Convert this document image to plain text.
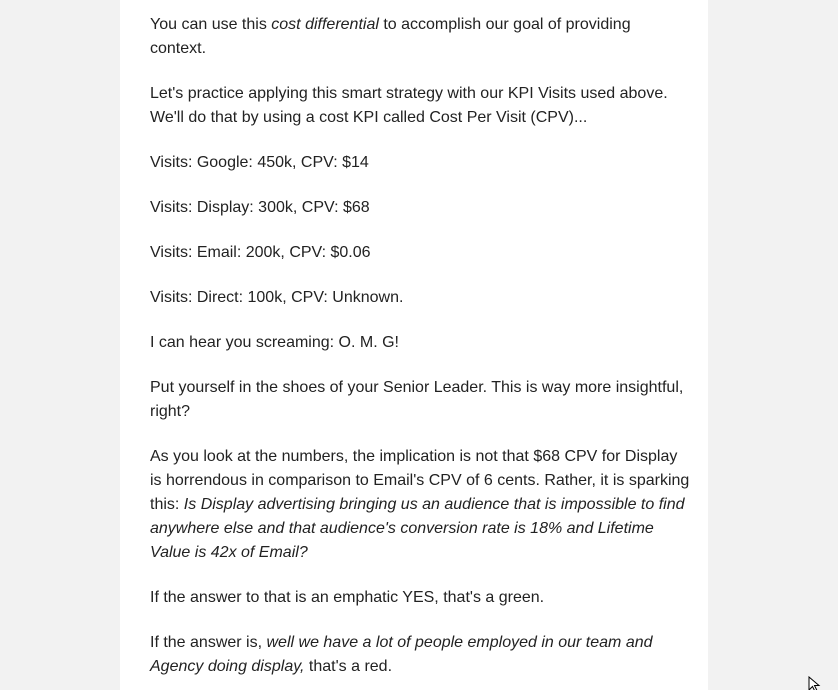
You can use this cost differential to accomplish our goal of providing context.

Let's practice applying this smart strategy with our KPI Visits used above. We'll do that by using a cost KPI called Cost Per Visit (CPV)...

Visits: Google: 450k, CPV: $14

Visits: Display: 300k, CPV: $68

Visits: Email: 200k, CPV: $0.06

Visits: Direct: 100k, CPV: Unknown.

I can hear you screaming: O. M. G!

Put yourself in the shoes of your Senior Leader. This is way more insightful, right?

As you look at the numbers, the implication is not that $68 CPV for Display is horrendous in comparison to Email's CPV of 6 cents. Rather, it is sparking this: Is Display advertising bringing us an audience that is impossible to find anywhere else and that audience's conversion rate is 18% and Lifetime Value is 42x of Email?

If the answer to that is an emphatic YES, that's a green.

If the answer is, well we have a lot of people employed in our team and Agency doing display, that's a red.
